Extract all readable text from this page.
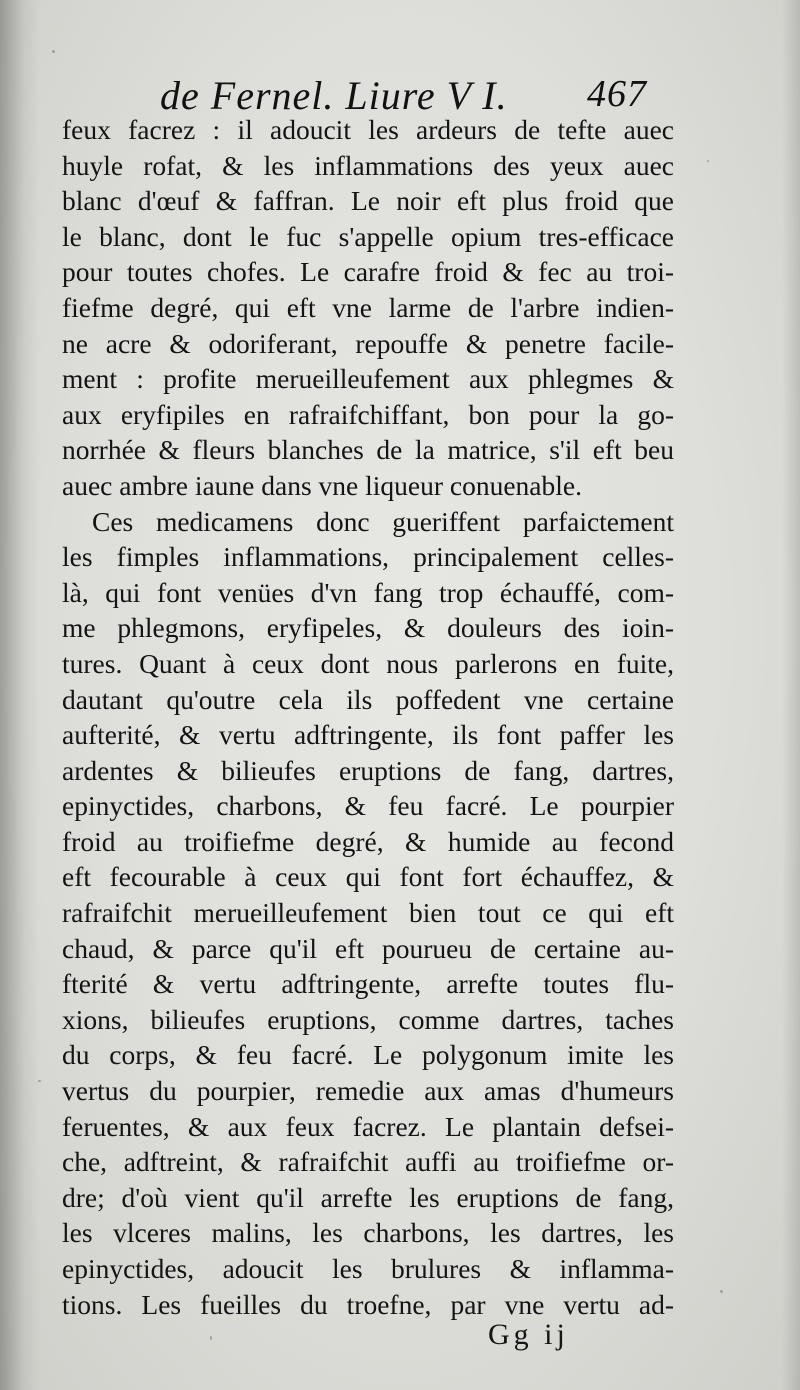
de Fernel. Liure V I. 467
feux facrez : il adoucit les ardeurs de tefte auec
huyle rofat, & les inflammations des yeux auec
blanc d'œuf & faffran. Le noir eft plus froid que
le blanc, dont le fuc s'appelle opium tres-efficace
pour toutes chofes. Le carafre froid & fec au troi-
fiefme degré, qui eft vne larme de l'arbre indien-
ne acre & odoriferant, repouffe & penetre facile-
ment : profite merueilleufement aux phlegmes &
aux eryfipiles en rafraifchiffant, bon pour la go-
norrhée & fleurs blanches de la matrice, s'il eft beu
auec ambre iaune dans vne liqueur conuenable.
Ces medicamens donc gueriffent parfaictement
les fimples inflammations, principalement celles-
là, qui font venües d'vn fang trop échauffé, com-
me phlegmons, eryfipeles, & douleurs des ioin-
tures. Quant à ceux dont nous parlerons en fuite,
dautant qu'outre cela ils poffedent vne certaine
aufterité, & vertu adftringente, ils font paffer les
ardentes & bilieufes eruptions de fang, dartres,
epinyctides, charbons, & feu facré. Le pourpier
froid au troifiefme degré, & humide au fecond
eft fecourable à ceux qui font fort échauffez, &
rafraifchit merueilleufement bien tout ce qui eft
chaud, & parce qu'il eft pourueu de certaine au-
fterité & vertu adftringente, arrefte toutes flu-
xions, bilieufes eruptions, comme dartres, taches
du corps, & feu facré. Le polygonum imite les
vertus du pourpier, remedie aux amas d'humeurs
feruentes, & aux feux facrez. Le plantain defsei-
che, adftreint, & rafraifchit auffi au troifiefme or-
dre; d'où vient qu'il arrefte les eruptions de fang,
les vlceres malins, les charbons, les dartres, les
epinyctides, adoucit les brulures & inflamma-
tions. Les fueilles du troefne, par vne vertu ad-
Gg ij
